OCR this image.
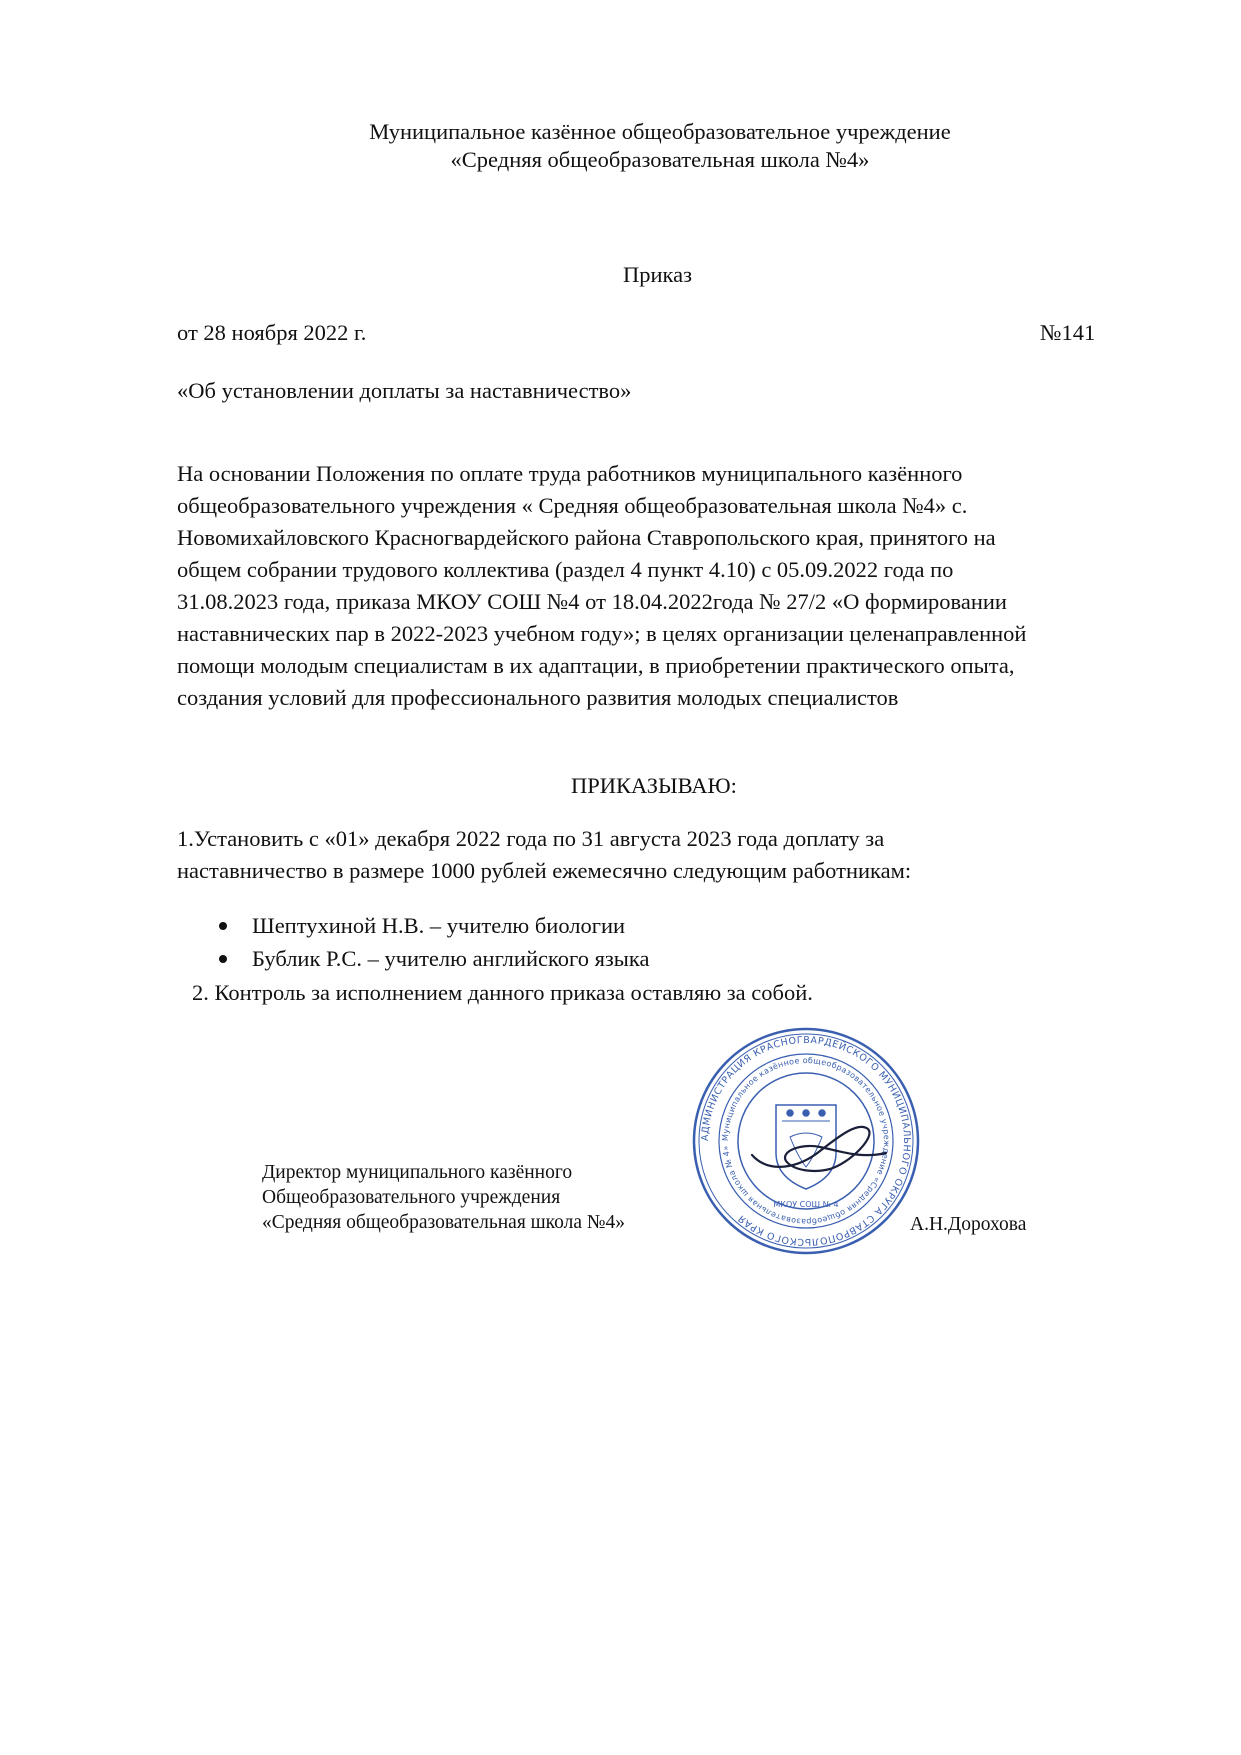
Муниципальное казённое общеобразовательное учреждение
«Средняя общеобразовательная школа №4»
Приказ
от 28 ноября 2022 г.	№141
«Об установлении доплаты за наставничество»
На основании Положения по оплате труда работников муниципального казённого
общеобразовательного учреждения « Средняя общеобразовательная школа №4» с.
Новомихайловского Красногвардейского района Ставропольского края, принятого на
общем собрании трудового коллектива (раздел 4 пункт 4.10) с 05.09.2022 года по
31.08.2023 года, приказа МКОУ СОШ №4 от 18.04.2022года № 27/2 «О формировании
наставнических пар в 2022-2023 учебном году»; в целях организации целенаправленной
помощи молодым специалистам в их адаптации, в приобретении практического опыта,
создания условий для профессионального развития молодых специалистов
ПРИКАЗЫВАЮ:
1.Установить с «01» декабря 2022 года по 31 августа 2023 года доплату за
наставничество в размере 1000 рублей ежемесячно следующим работникам:
Шептухиной Н.В. – учителю биологии
Бублик Р.С. – учителю английского языка
2. Контроль за исполнением данного приказа оставляю за собой.
Директор муниципального казённого
Общеобразовательного учреждения
«Средняя общеобразовательная школа №4»	А.Н.Дорохова
АДМИНИСТРАЦИЯ КРАСНОГВАРДЕЙСКОГО МУНИЦИПАЛЬНОГО ОКРУГА СТАВРОПОЛЬСКОГО КРАЯ
Муниципальное казённое общеобразовательное учреждение «Средняя общеобразовательная школа № 4»
МКОУ СОШ № 4
